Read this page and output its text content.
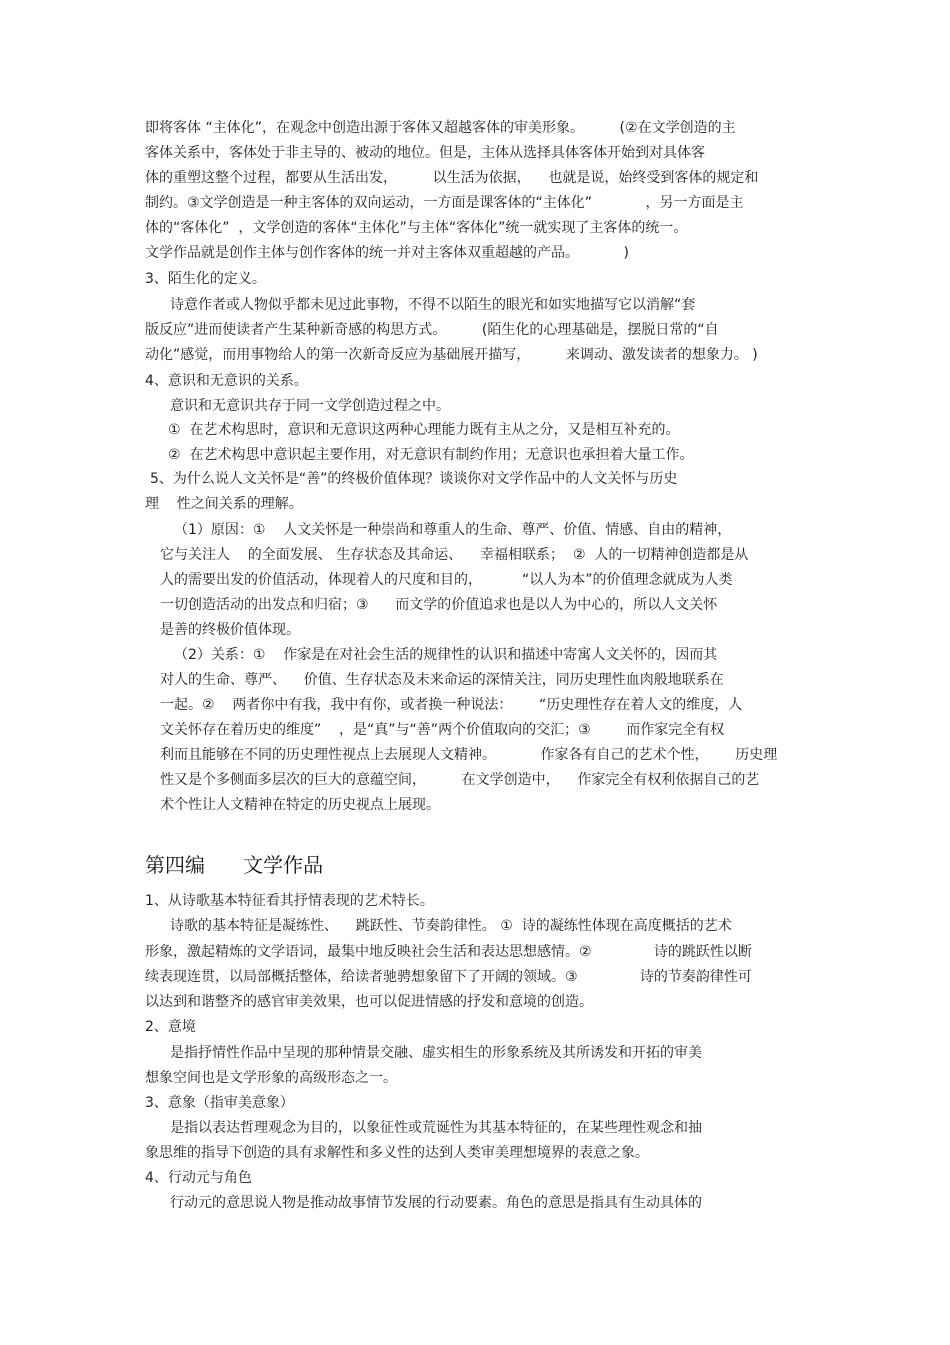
即将客体 “主体化”，在观念中创造出源于客体又超越客体的审美形象。        (②在文学创造的主
客体关系中，客体处于非主导的、被动的地位。但是，主体从选择具体客体开始到对具体客
体的重塑这整个过程，都要从生活出发，        以生活为依据，    也就是说，始终受到客体的规定和
制约。③文学创造是一种主客体的双向运动，一方面是课客体的“主体化”            ，另一方面是主
体的“客体化”  ，文学创造的客体“主体化”与主体“客体化”统一就实现了主客体的统一。
文学作品就是创作主体与创作客体的统一并对主客体双重超越的产品。          )
3、陌生化的定义。
诗意作者或人物似乎都未见过此事物，不得不以陌生的眼光和如实地描写它以消解“套
版反应”进而使读者产生某种新奇感的构思方式。        (陌生化的心理基础是，摆脱日常的“自
动化”感觉，而用事物给人的第一次新奇反应为基础展开描写，        来调动、激发读者的想象力。 )
4、意识和无意识的关系。
意识和无意识共存于同一文学创造过程之中。
①  在艺术构思时，意识和无意识这两种心理能力既有主从之分，又是相互补充的。
②  在艺术构思中意识起主要作用，对无意识有制约作用；无意识也承担着大量工作。
5、为什么说人文关怀是“善”的终极价值体现？谈谈你对文学作品中的人文关怀与历史
理    性之间关系的理解。
（1）原因：①    人文关怀是一种崇尚和尊重人的生命、尊严、价值、情感、自由的精神，
它与关注人    的全面发展、 生存状态及其命运、    幸福相联系；  ②  人的一切精神创造都是从
人的需要出发的价值活动，体现着人的尺度和目的，         “以人为本”的价值理念就成为人类
一切创造活动的出发点和归宿；③      而文学的价值追求也是以人为中心的，所以人文关怀
是善的终极价值体现。
（2）关系：①    作家是在对社会生活的规律性的认识和描述中寄寓人文关怀的，因而其
对人的生命、尊严、    价值、生存状态及未来命运的深情关注，同历史理性血肉般地联系在
一起。②    两者你中有我，我中有你，或者换一种说法：      “历史理性存在着人文的维度，人
文关怀存在着历史的维度”    ，是“真”与“善”两个价值取向的交汇；③        而作家完全有权
利而且能够在不同的历史理性视点上去展现人文精神。          作家各有自己的艺术个性，      历史理
性又是个多侧面多层次的巨大的意蕴空间，        在文学创造中，    作家完全有权利依据自己的艺
术个性让人文精神在特定的历史视点上展现。
第四编      文学作品
1、从诗歌基本特征看其抒情表现的艺术特长。
诗歌的基本特征是凝练性、    跳跃性、节奏韵律性。 ①  诗的凝练性体现在高度概括的艺术
形象，激起精炼的文学语词，最集中地反映社会生活和表达思想感情。②              诗的跳跃性以断
续表现连贯，以局部概括整体，给读者驰骋想象留下了开阔的领域。③              诗的节奏韵律性可
以达到和谐整齐的感官审美效果，也可以促进情感的抒发和意境的创造。
2、意境
是指抒情性作品中呈现的那种情景交融、虚实相生的形象系统及其所诱发和开拓的审美
想象空间也是文学形象的高级形态之一。
3、意象（指审美意象）
是指以表达哲理观念为目的，以象征性或荒诞性为其基本特征的，在某些理性观念和抽
象思维的指导下创造的具有求解性和多义性的达到人类审美理想境界的表意之象。
4、行动元与角色
行动元的意思说人物是推动故事情节发展的行动要素。角色的意思是指具有生动具体的
